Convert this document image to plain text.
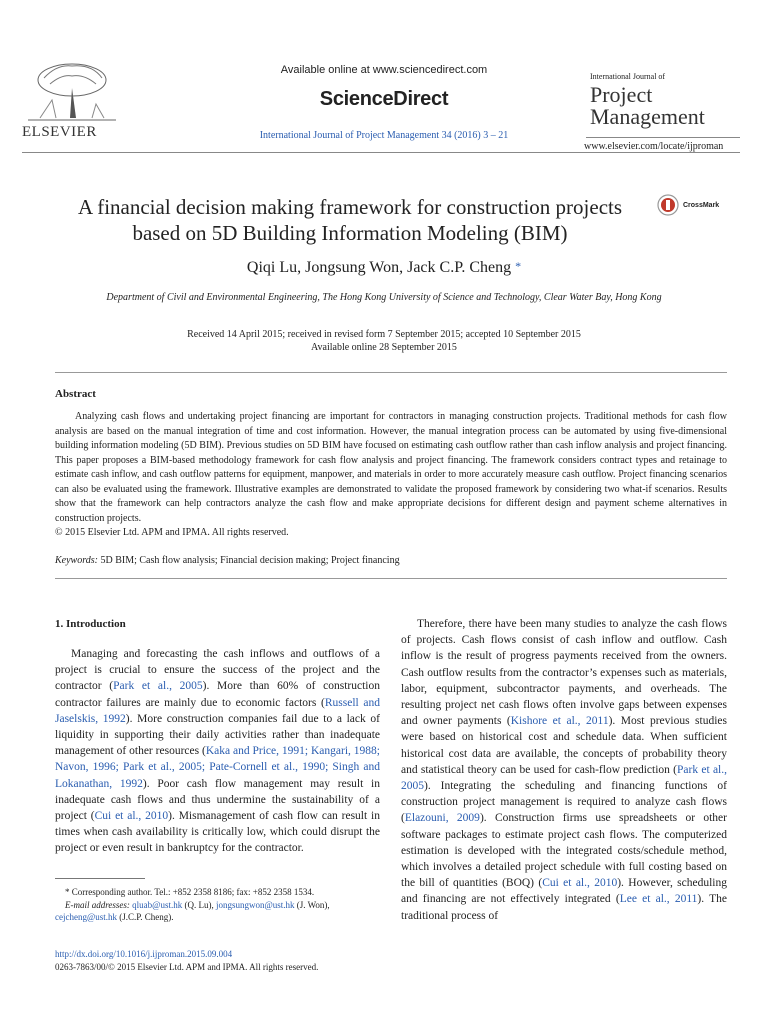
ELSEVIER
Available online at www.sciencedirect.com
ScienceDirect
International Journal of Project Management 34 (2016) 3 – 21
International Journal of
Project
Management
www.elsevier.com/locate/ijproman
A financial decision making framework for construction projects
based on 5D Building Information Modeling (BIM)
CrossMark
Qiqi Lu, Jongsung Won, Jack C.P. Cheng *
Department of Civil and Environmental Engineering, The Hong Kong University of Science and Technology, Clear Water Bay, Hong Kong
Received 14 April 2015; received in revised form 7 September 2015; accepted 10 September 2015
Available online 28 September 2015
Abstract
Analyzing cash flows and undertaking project financing are important for contractors in managing construction projects. Traditional methods for cash flow analysis are based on the manual integration of time and cost information. However, the manual integration process can be automated by using five-dimensional building information modeling (5D BIM). Previous studies on 5D BIM have focused on estimating cash outflow rather than cash inflow analysis and project financing. This paper proposes a BIM-based methodology framework for cash flow analysis and project financing. The framework considers contract types and retainage to estimate cash inflow, and cash outflow patterns for equipment, manpower, and materials in order to more accurately measure cash outflow. Project financing scenarios can also be evaluated using the framework. Illustrative examples are demonstrated to validate the proposed framework by considering two what-if scenarios. Results show that the framework can help contractors analyze the cash flow and make appropriate decisions for different design and payment scheme alternatives in construction projects.
© 2015 Elsevier Ltd. APM and IPMA. All rights reserved.
Keywords: 5D BIM; Cash flow analysis; Financial decision making; Project financing
1. Introduction
Managing and forecasting the cash inflows and outflows of a project is crucial to ensure the success of the project and the contractor (Park et al., 2005). More than 60% of construction contractor failures are mainly due to economic factors (Russell and Jaselskis, 1992). More construction companies fail due to a lack of liquidity in supporting their daily activities rather than inadequate management of other resources (Kaka and Price, 1991; Kangari, 1988; Navon, 1996; Park et al., 2005; Pate-Cornell et al., 1990; Singh and Lokanathan, 1992). Poor cash flow management may result in inadequate cash flows and thus undermine the sustainability of a project (Cui et al., 2010). Mismanagement of cash flow can result in times when cash availability is critically low, which could disrupt the project or even result in bankruptcy for the contractor.
Therefore, there have been many studies to analyze the cash flows of projects. Cash flows consist of cash inflow and outflow. Cash inflow is the result of progress payments received from the owners. Cash outflow results from the contractor’s expenses such as materials, labor, equipment, subcontractor payments, and overheads. The resulting project net cash flows often involve gaps between expenses and owner payments (Kishore et al., 2011). Most previous studies were based on historical cost and schedule data. When sufficient historical cost data are available, the concepts of probability theory and statistical theory can be used for cash-flow prediction (Park et al., 2005). Integrating the scheduling and financing functions of construction project management is required to analyze cash flows (Elazouni, 2009). Construction firms use spreadsheets or other software packages to estimate project cash flows. The computerized estimation is developed with the integrated costs/schedule method, which involves a detailed project schedule with full costing based on the bill of quantities (BOQ) (Cui et al., 2010). However, scheduling and financing are not effectively integrated (Lee et al., 2011). The traditional process of
* Corresponding author. Tel.: +852 2358 8186; fax: +852 2358 1534.
E-mail addresses: qluab@ust.hk (Q. Lu), jongsungwon@ust.hk (J. Won),
cejcheng@ust.hk (J.C.P. Cheng).
http://dx.doi.org/10.1016/j.ijproman.2015.09.004
0263-7863/00/© 2015 Elsevier Ltd. APM and IPMA. All rights reserved.
